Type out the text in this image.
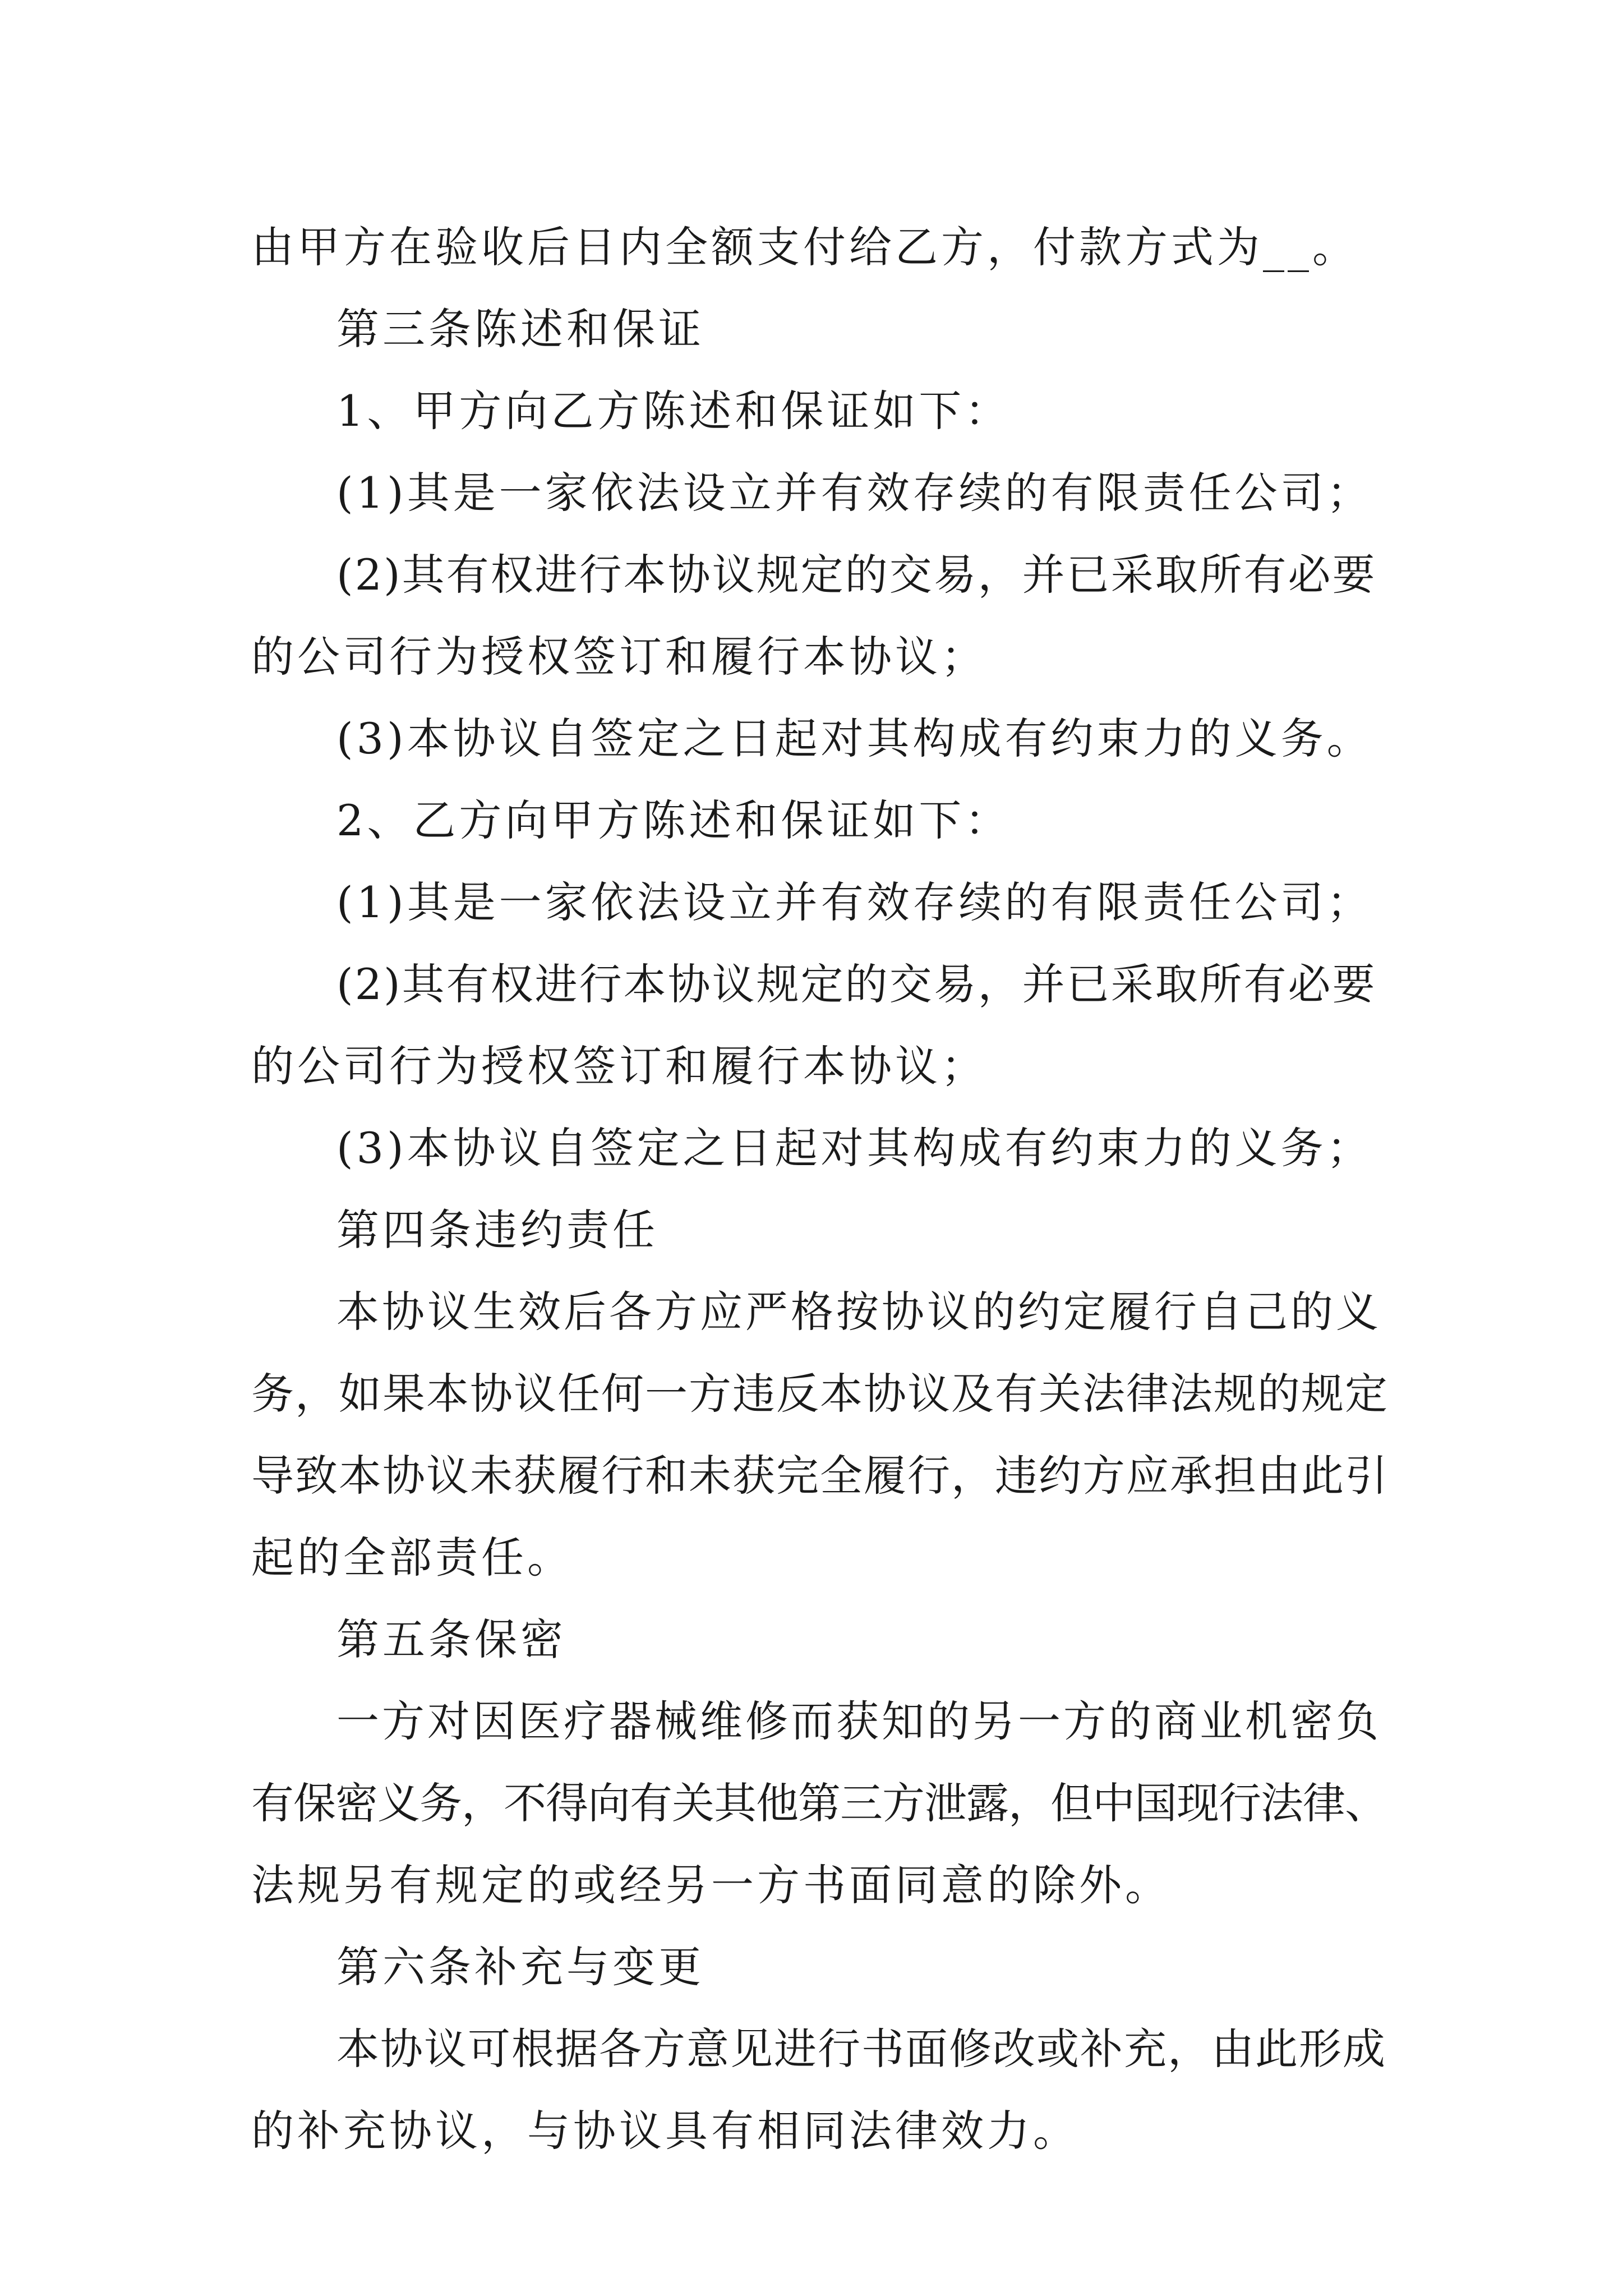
由甲方在验收后日内全额支付给乙方，付款方式为__。
第三条陈述和保证
1、甲方向乙方陈述和保证如下：
(1)其是一家依法设立并有效存续的有限责任公司；
(2)其有权进行本协议规定的交易，并已采取所有必要
的公司行为授权签订和履行本协议；
(3)本协议自签定之日起对其构成有约束力的义务。
2、乙方向甲方陈述和保证如下：
(1)其是一家依法设立并有效存续的有限责任公司；
(2)其有权进行本协议规定的交易，并已采取所有必要
的公司行为授权签订和履行本协议；
(3)本协议自签定之日起对其构成有约束力的义务；
第四条违约责任
本协议生效后各方应严格按协议的约定履行自己的义
务，如果本协议任何一方违反本协议及有关法律法规的规定
导致本协议未获履行和未获完全履行，违约方应承担由此引
起的全部责任。
第五条保密
一方对因医疗器械维修而获知的另一方的商业机密负
有保密义务，不得向有关其他第三方泄露，但中国现行法律、
法规另有规定的或经另一方书面同意的除外。
第六条补充与变更
本协议可根据各方意见进行书面修改或补充，由此形成
的补充协议，与协议具有相同法律效力。
